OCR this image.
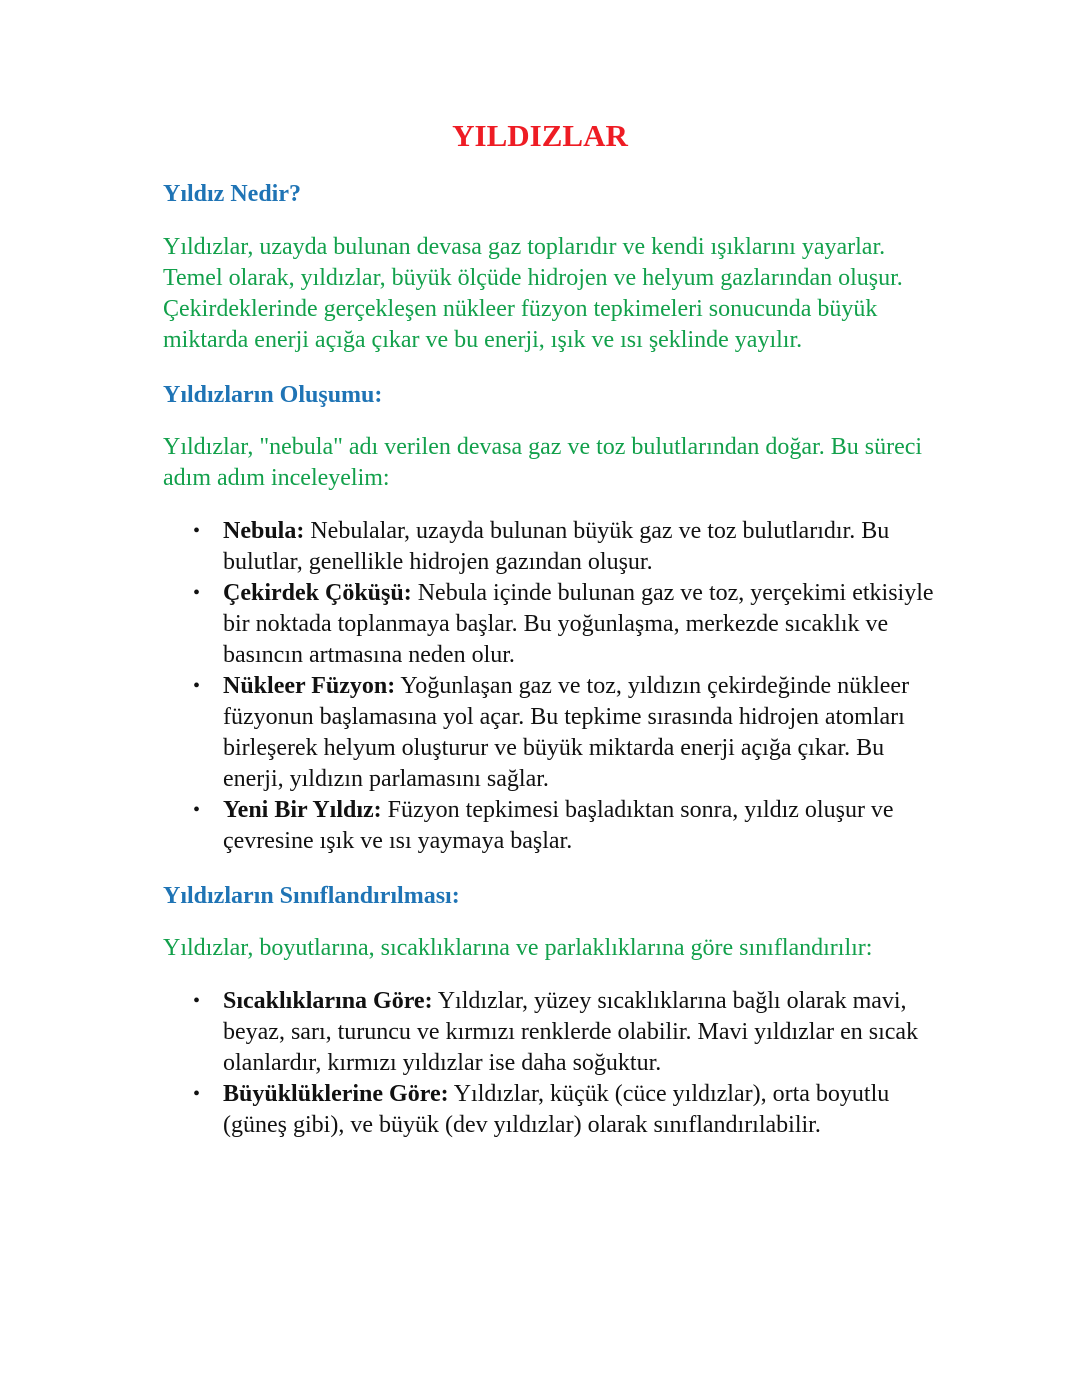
YILDIZLAR
Yıldız Nedir?

Yıldızlar, uzayda bulunan devasa gaz toplarıdır ve kendi ışıklarını yayarlar. Temel olarak, yıldızlar, büyük ölçüde hidrojen ve helyum gazlarından oluşur. Çekirdeklerinde gerçekleşen nükleer füzyon tepkimeleri sonucunda büyük miktarda enerji açığa çıkar ve bu enerji, ışık ve ısı şeklinde yayılır.

Yıldızların Oluşumu:

Yıldızlar, "nebula" adı verilen devasa gaz ve toz bulutlarından doğar. Bu süreci adım adım inceleyelim:

• Nebula: Nebulalar, uzayda bulunan büyük gaz ve toz bulutlarıdır. Bu bulutlar, genellikle hidrojen gazından oluşur.
• Çekirdek Çöküşü: Nebula içinde bulunan gaz ve toz, yerçekimi etkisiyle bir noktada toplanmaya başlar. Bu yoğunlaşma, merkezde sıcaklık ve basıncın artmasına neden olur.
• Nükleer Füzyon: Yoğunlaşan gaz ve toz, yıldızın çekirdeğinde nükleer füzyonun başlamasına yol açar. Bu tepkime sırasında hidrojen atomları birleşerek helyum oluşturur ve büyük miktarda enerji açığa çıkar. Bu enerji, yıldızın parlamasını sağlar.
• Yeni Bir Yıldız: Füzyon tepkimesi başladıktan sonra, yıldız oluşur ve çevresine ışık ve ısı yaymaya başlar.
Yıldızların Sınıflandırılması:

Yıldızlar, boyutlarına, sıcaklıklarına ve parlaklıklarına göre sınıflandırılır:

• Sıcaklıklarına Göre: Yıldızlar, yüzey sıcaklıklarına bağlı olarak mavi, beyaz, sarı, turuncu ve kırmızı renklerde olabilir. Mavi yıldızlar en sıcak olanlardır, kırmızı yıldızlar ise daha soğuktur.
• Büyüklüklerine Göre: Yıldızlar, küçük (cüce yıldızlar), orta boyutlu (güneş gibi), ve büyük (dev yıldızlar) olarak sınıflandırılabilir.
